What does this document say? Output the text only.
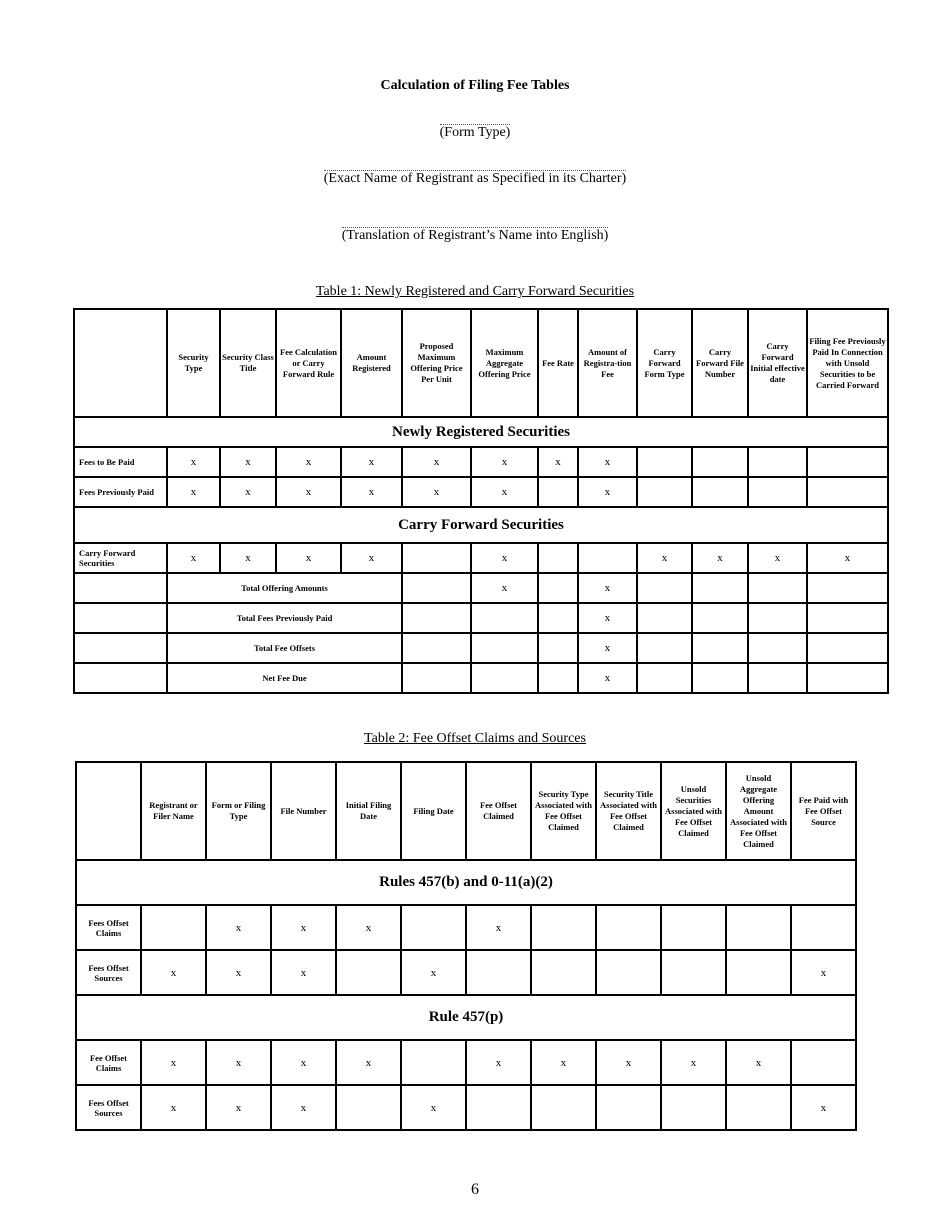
Calculation of Filing Fee Tables
(Form Type)
(Exact Name of Registrant as Specified in its Charter)
(Translation of Registrant’s Name into English)
Table 1: Newly Registered and Carry Forward Securities
	Security Type	Security Class Title	Fee Calculation or Carry Forward Rule	Amount Registered	Proposed Maximum Offering Price Per Unit	Maximum Aggregate Offering Price	Fee Rate	Amount of Registra-tion Fee	Carry Forward Form Type	Carry Forward File Number	Carry Forward Initial effective date	Filing Fee Previously Paid In Connection with Unsold Securities to be Carried Forward
Newly Registered Securities												
Fees to Be Paid	x	x	x	x	x	x	x	x				
Fees Previously Paid	x	x	x	x	x	x		x				
Carry Forward Securities												
Carry Forward Securities	x	x	x	x		x			x	x	x	x
	Total Offering Amounts					x		x				
	Total Fees Previously Paid							x				
	Total Fee Offsets							x				
	Net Fee Due							x				
Table 2: Fee Offset Claims and Sources
	Registrant or Filer Name	Form or Filing Type	File Number	Initial Filing Date	Filing Date	Fee Offset Claimed	Security Type Associated with Fee Offset Claimed	Security Title Associated with Fee Offset Claimed	Unsold Securities Associated with Fee Offset Claimed	Unsold Aggregate Offering Amount Associated with Fee Offset Claimed	Fee Paid with Fee Offset Source
Rules 457(b) and 0-11(a)(2)											
Fees Offset Claims		x	x	x		x					
Fees Offset Sources	x	x	x		x						x
Rule 457(p)											
Fee Offset Claims	x	x	x	x		x	x	x	x	x	
Fees Offset Sources	x	x	x		x						x
6
